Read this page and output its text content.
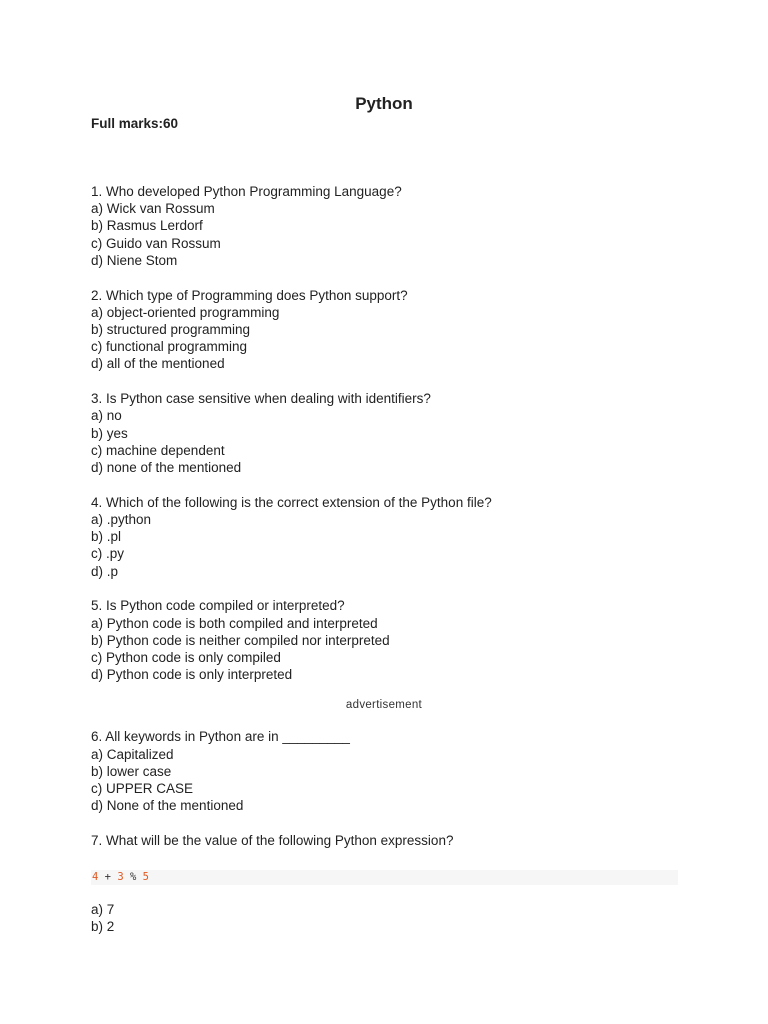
Python
Full marks:60
1. Who developed Python Programming Language?
a) Wick van Rossum
b) Rasmus Lerdorf
c) Guido van Rossum
d) Niene Stom
2. Which type of Programming does Python support?
a) object-oriented programming
b) structured programming
c) functional programming
d) all of the mentioned
3. Is Python case sensitive when dealing with identifiers?
a) no
b) yes
c) machine dependent
d) none of the mentioned
4. Which of the following is the correct extension of the Python file?
a) .python
b) .pl
c) .py
d) .p
5. Is Python code compiled or interpreted?
a) Python code is both compiled and interpreted
b) Python code is neither compiled nor interpreted
c) Python code is only compiled
d) Python code is only interpreted
advertisement
6. All keywords in Python are in _________
a) Capitalized
b) lower case
c) UPPER CASE
d) None of the mentioned
7. What will be the value of the following Python expression?
4 + 3 % 5
a) 7
b) 2
